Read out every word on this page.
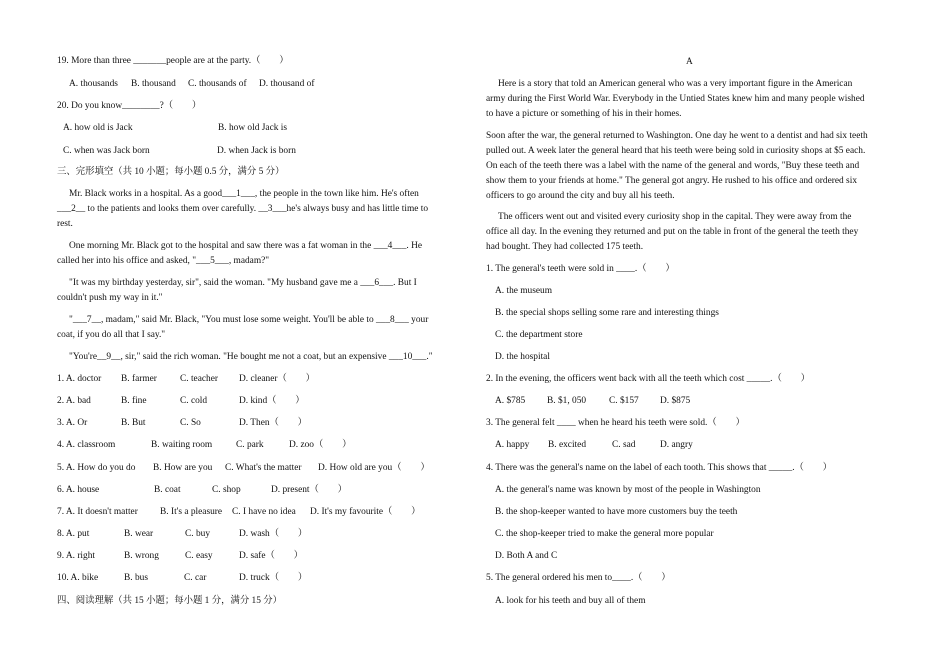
19. More than three _______people are at the party.（　　）
A. thousands B. thousand C. thousands of D. thousand of
20. Do you know________?（　　）
A. how old is Jack	B. how old Jack is
C. when was Jack born	D. when Jack is born
三、完形填空（共 10 小题；每小题 0.5 分，满分 5 分）
Mr. Black works in a hospital. As a good___1___, the people in the town like him. He's often
___2__ to the patients and looks them over carefully. __3___he's always busy and has little time to
rest.
One morning Mr. Black got to the hospital and saw there was a fat woman in the ___4___. He
called her into his office and asked, "___5___, madam?"
"It was my birthday yesterday, sir", said the woman. "My husband gave me a ___6___. But I
couldn't push my way in it."
"___7__, madam," said Mr. Black, "You must lose some weight. You'll be able to ___8___ your
coat, if you do all that I say."
"You're__9__, sir," said the rich woman. "He bought me not a coat, but an expensive ___10___."
1. A. doctor B. farmer C. teacher D. cleaner（　　）
2. A. bad	B. fine	C. cold	D. kind（　　）
3. A. Or	B. But	C. So	D. Then（　　）
4. A. classroom	B. waiting room	C. park	D. zoo（　　）
5. A. How do you do B. How are you C. What's the matter D. How old are you（　　）
6. A. house	B. coat	C. shop	D. present（　　）
7. A. It doesn't matter B. It's a pleasure C. I have no idea D. It's my favourite（　　）
8. A. put	B. wear	C. buy	D. wash（　　）
9. A. right	B. wrong	C. easy	D. safe（　　）
10. A. bike	B. bus	C. car	D. truck（　　）
四、阅读理解（共 15 小题；每小题 1 分，满分 15 分）
A
Here is a story that told an American general who was a very important figure in the American
army during the First World War. Everybody in the Untied States knew him and many people wished
to have a picture or something of his in their homes.
Soon after the war, the general returned to Washington. One day he went to a dentist and had six teeth
pulled out. A week later the general heard that his teeth were being sold in curiosity shops at $5 each.
On each of the teeth there was a label with the name of the general and words, "Buy these teeth and
show them to your friends at home." The general got angry. He rushed to his office and ordered six
officers to go around the city and buy all his teeth.
The officers went out and visited every curiosity shop in the capital. They were away from the
office all day. In the evening they returned and put on the table in front of the general the teeth they
had bought. They had collected 175 teeth.
1. The general's teeth were sold in ____.（　　）
A. the museum
B. the special shops selling some rare and interesting things
C. the department store
D. the hospital
2. In the evening, the officers went back with all the teeth which cost _____.（　　）
A. $785 B. $1, 050 C. $157 D. $875
3. The general felt ____ when he heard his teeth were sold.（　　）
A. happy B. excited	C. sad	D. angry
4. There was the general's name on the label of each tooth. This shows that _____.（　　）
A. the general's name was known by most of the people in Washington
B. the shop-keeper wanted to have more customers buy the teeth
C. the shop-keeper tried to make the general more popular
D. Both A and C
5. The general ordered his men to____.（　　）
A. look for his teeth and buy all of them
